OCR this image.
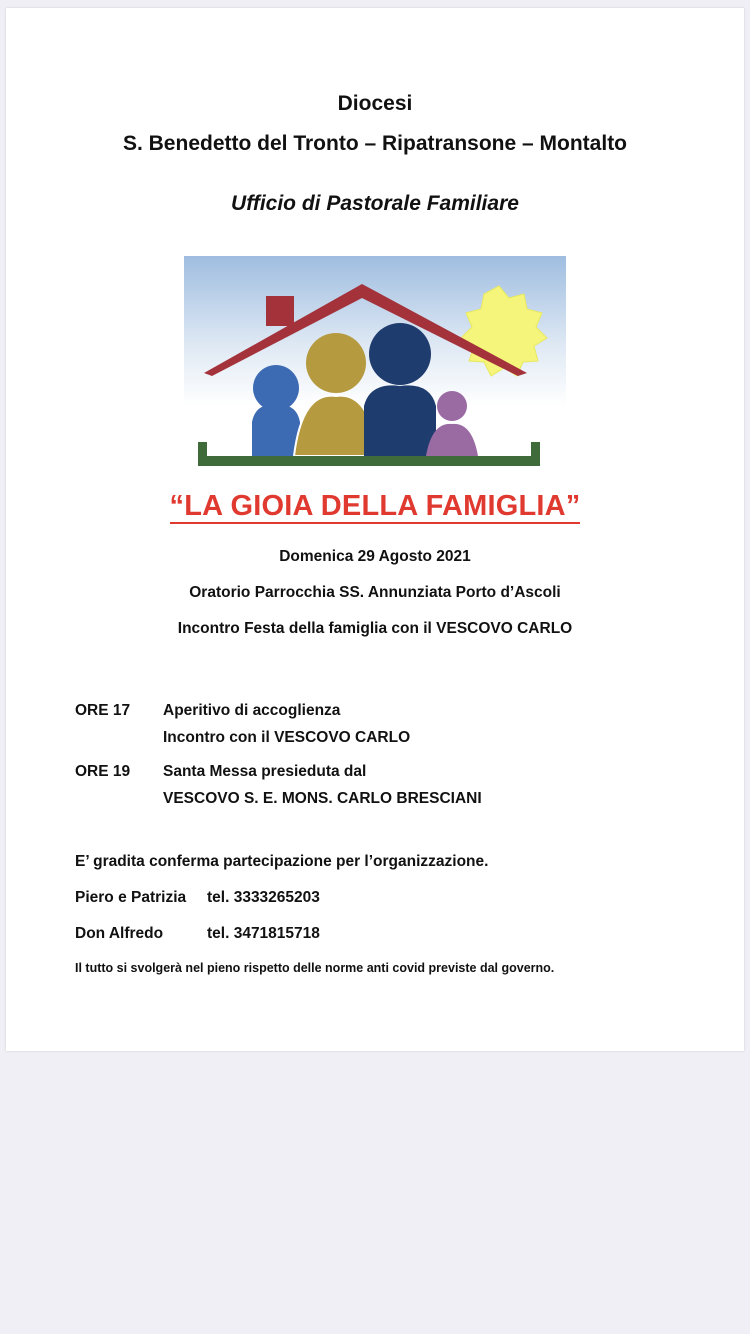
Diocesi
S. Benedetto del Tronto – Ripatransone – Montalto
Ufficio di Pastorale Familiare
“LA GIOIA DELLA FAMIGLIA”
Domenica 29 Agosto 2021
Oratorio Parrocchia SS. Annunziata Porto d’Ascoli
Incontro Festa della famiglia con il VESCOVO CARLO
ORE 17	Aperitivo di accoglienza
Incontro con il VESCOVO CARLO
ORE 19	Santa Messa presieduta dal
VESCOVO S. E. MONS. CARLO BRESCIANI
E’ gradita conferma partecipazione per l’organizzazione.
Piero e Patrizia tel. 3333265203
Don Alfredo	tel. 3471815718
Il tutto si svolgerà nel pieno rispetto delle norme anti covid previste dal governo.
